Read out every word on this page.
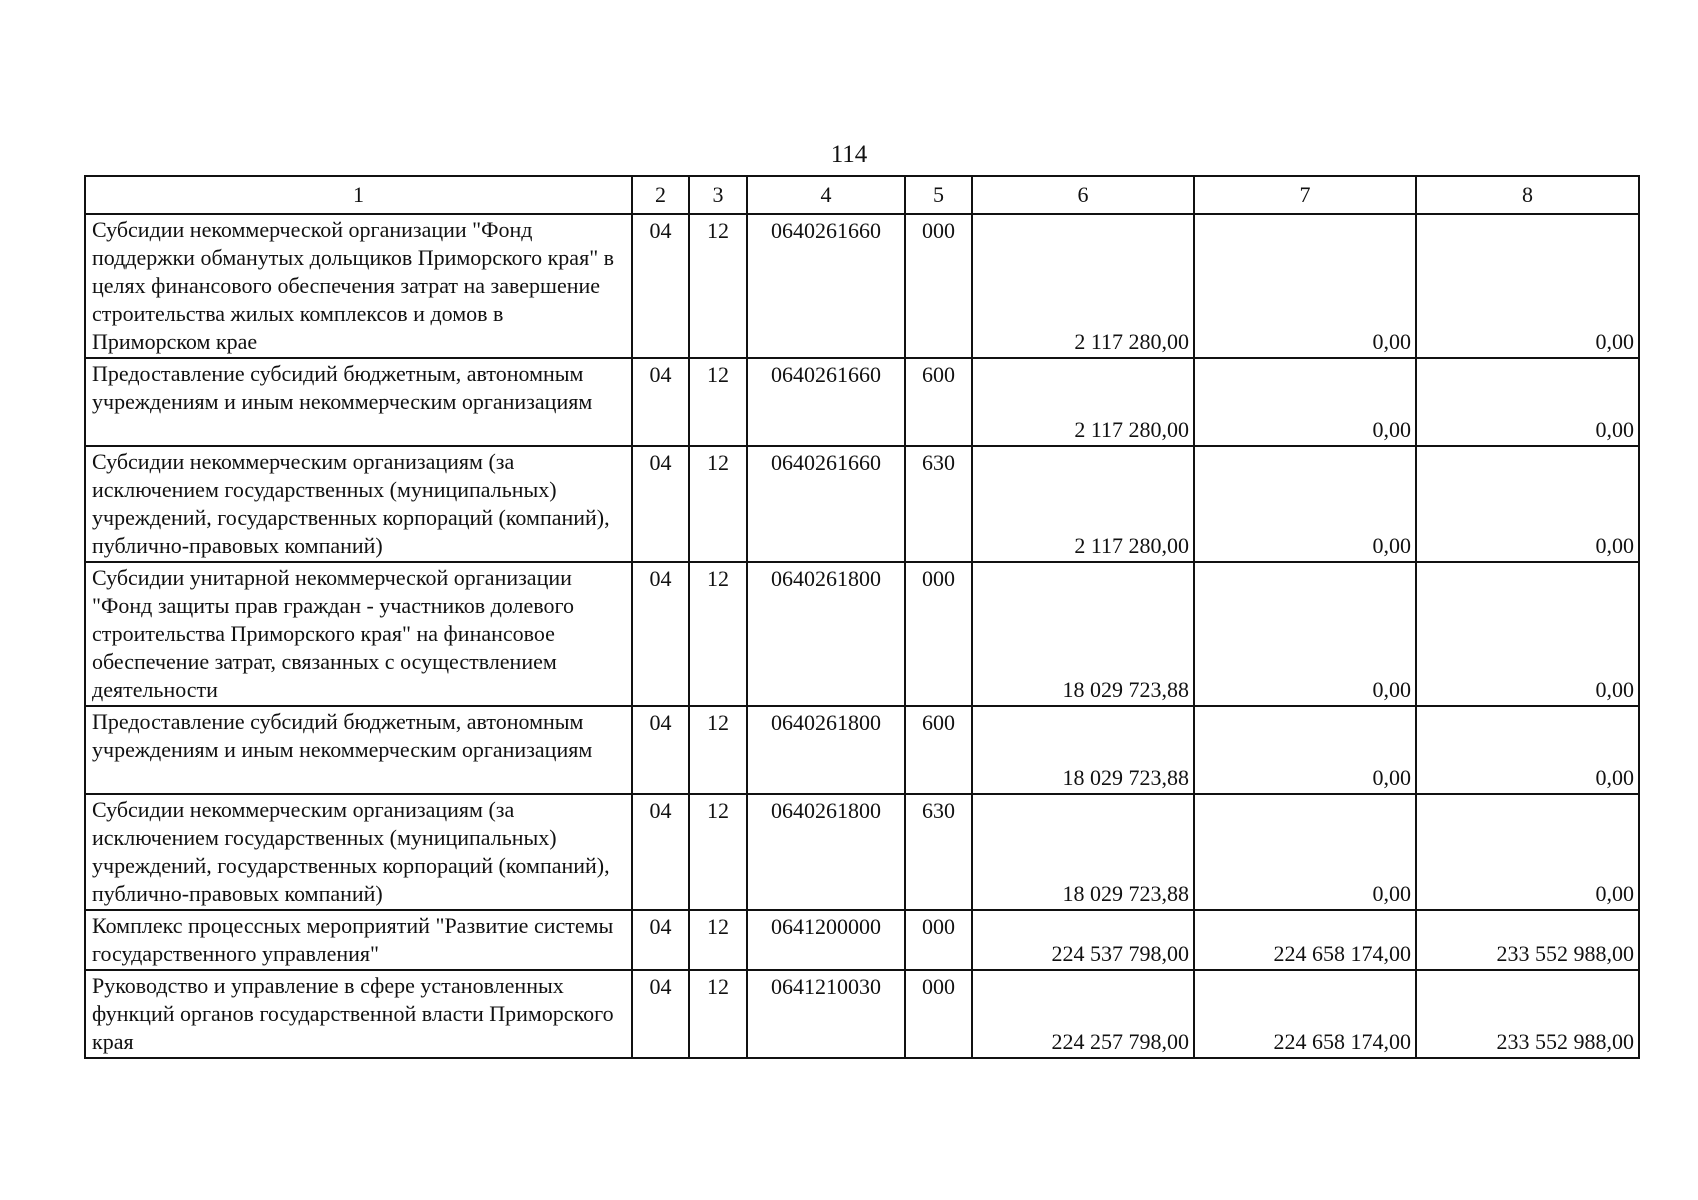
114
1	2	3	4	5	6	7	8
Субсидии некоммерческой организации "Фонд поддержки обманутых дольщиков Приморского края" в целях финансового обеспечения затрат на завершение строительства жилых комплексов и домов в Приморском крае	04	12	0640261660	000	2 117 280,00	0,00	0,00
Предоставление субсидий бюджетным, автономным учреждениям и иным некоммерческим организациям	04	12	0640261660	600	2 117 280,00	0,00	0,00
Субсидии некоммерческим организациям (за исключением государственных (муниципальных) учреждений, государственных корпораций (компаний), публично-правовых компаний)	04	12	0640261660	630	2 117 280,00	0,00	0,00
Субсидии унитарной некоммерческой организации "Фонд защиты прав граждан - участников долевого строительства Приморского края" на финансовое обеспечение затрат, связанных с осуществлением деятельности	04	12	0640261800	000	18 029 723,88	0,00	0,00
Предоставление субсидий бюджетным, автономным учреждениям и иным некоммерческим организациям	04	12	0640261800	600	18 029 723,88	0,00	0,00
Субсидии некоммерческим организациям (за исключением государственных (муниципальных) учреждений, государственных корпораций (компаний), публично-правовых компаний)	04	12	0640261800	630	18 029 723,88	0,00	0,00
Комплекс процессных мероприятий "Развитие системы государственного управления"	04	12	0641200000	000	224 537 798,00	224 658 174,00	233 552 988,00
Руководство и управление в сфере установленных функций органов государственной власти Приморского края	04	12	0641210030	000	224 257 798,00	224 658 174,00	233 552 988,00
